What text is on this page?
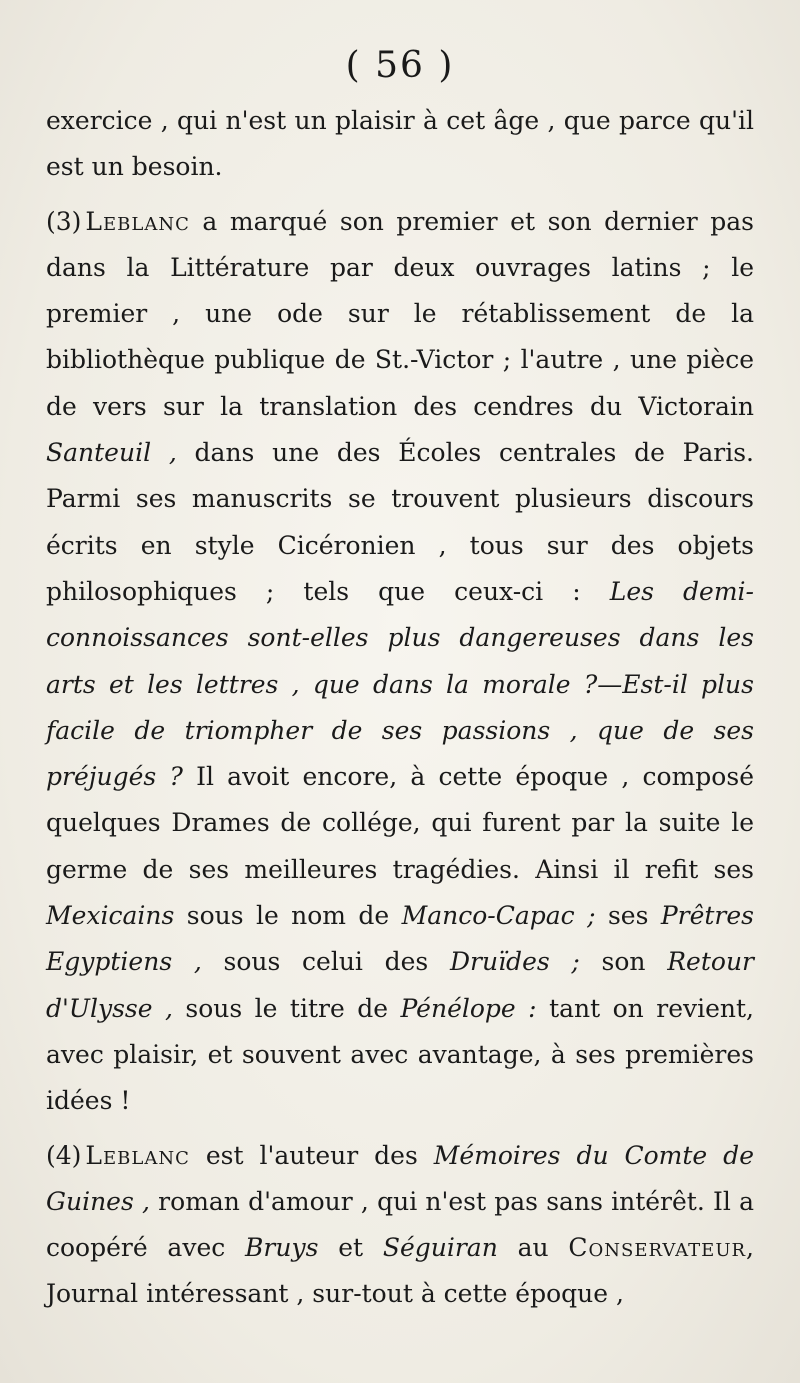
( 56 )

exercice , qui n'est un plaisir à cet âge , que parce qu'il est un besoin.

(3) Leblanc a marqué son premier et son dernier pas dans la Littérature par deux ouvrages latins ; le premier , une ode sur le rétablissement de la bibliothèque publique de St.-Victor ; l'autre , une pièce de vers sur la translation des cendres du Victorain Santeuil , dans une des Écoles centrales de Paris. Parmi ses manuscrits se trouvent plusieurs discours écrits en style Cicéronien , tous sur des objets philosophiques ; tels que ceux-ci : Les demi-connoissances sont-elles plus dangereuses dans les arts et les lettres , que dans la morale ?—Est-il plus facile de triompher de ses passions , que de ses préjugés ? Il avoit encore, à cette époque , composé quelques Drames de collége, qui furent par la suite le germe de ses meilleures tragédies. Ainsi il refit ses Mexicains sous le nom de Manco-Capac ; ses Prêtres Egyptiens , sous celui des Druïdes ; son Retour d'Ulysse , sous le titre de Pénélope : tant on revient, avec plaisir, et souvent avec avantage, à ses premières idées !

(4) Leblanc est l'auteur des Mémoires du Comte de Guines , roman d'amour , qui n'est pas sans intérêt. Il a coopéré avec Bruys et Séguiran au Conservateur, Journal intéressant , sur-tout à cette époque ,
